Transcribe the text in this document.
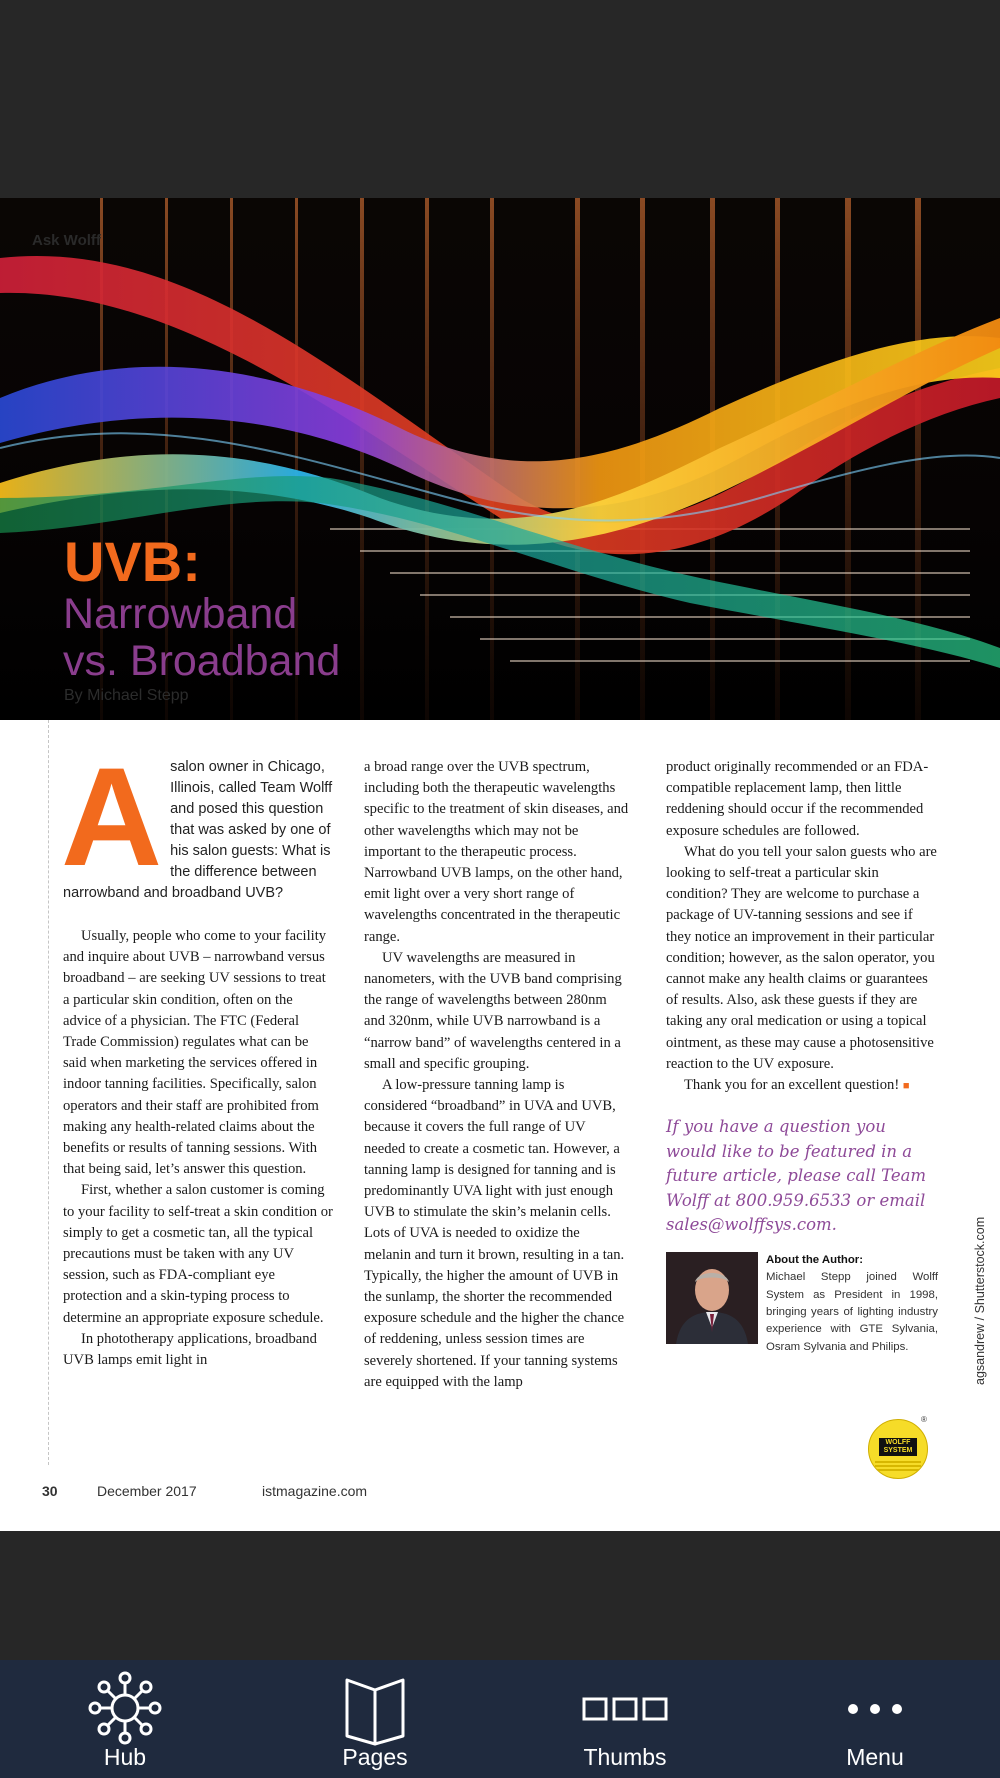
Ask Wolff
UVB:
Narrowband
vs. Broadband
By Michael Stepp
A salon owner in Chicago, Illinois, called Team Wolff and posed this question that was asked by one of his salon guests: What is the difference between narrowband and broadband UVB?

Usually, people who come to your facility and inquire about UVB – narrowband versus broadband – are seeking UV sessions to treat a particular skin condition, often on the advice of a physician. The FTC (Federal Trade Commission) regulates what can be said when marketing the services offered in indoor tanning facilities. Specifically, salon operators and their staff are prohibited from making any health-related claims about the benefits or results of tanning sessions. With that being said, let’s answer this question.

First, whether a salon customer is coming to your facility to self-treat a skin condition or simply to get a cosmetic tan, all the typical precautions must be taken with any UV session, such as FDA-compliant eye protection and a skin-typing process to determine an appropriate exposure schedule.

In phototherapy applications, broadband UVB lamps emit light in

a broad range over the UVB spectrum, including both the therapeutic wavelengths specific to the treatment of skin diseases, and other wavelengths which may not be important to the therapeutic process. Narrowband UVB lamps, on the other hand, emit light over a very short range of wavelengths concentrated in the therapeutic range.

UV wavelengths are measured in nanometers, with the UVB band comprising the range of wavelengths between 280nm and 320nm, while UVB narrowband is a “narrow band” of wavelengths centered in a small and specific grouping.

A low-pressure tanning lamp is considered “broadband” in UVA and UVB, because it covers the full range of UV needed to create a cosmetic tan. However, a tanning lamp is designed for tanning and is predominantly UVA light with just enough UVB to stimulate the skin’s melanin cells. Lots of UVA is needed to oxidize the melanin and turn it brown, resulting in a tan. Typically, the higher the amount of UVB in the sunlamp, the shorter the recommended exposure schedule and the higher the chance of reddening, unless session times are severely shortened. If your tanning systems are equipped with the lamp

product originally recommended or an FDA-compatible replacement lamp, then little reddening should occur if the recommended exposure schedules are followed.

What do you tell your salon guests who are looking to self-treat a particular skin condition? They are welcome to purchase a package of UV-tanning sessions and see if they notice an improvement in their particular condition; however, as the salon operator, you cannot make any health claims or guarantees of results. Also, ask these guests if they are taking any oral medication or using a topical ointment, as these may cause a photosensitive reaction to the UV exposure.

Thank you for an excellent question! ■

If you have a question you would like to be featured in a future article, please call Team Wolff at 800.959.6533 or email sales@wolffsys.com.
About the Author:
Michael Stepp joined Wolff System as President in 1998, bringing years of lighting industry experience with GTE Sylvania, Osram Sylvania and Philips.
WOLFF SYSTEM
®
agsandrew / Shutterstock.com
30	December 2017	istmagazine.com
Hub	Pages	Thumbs	Menu
